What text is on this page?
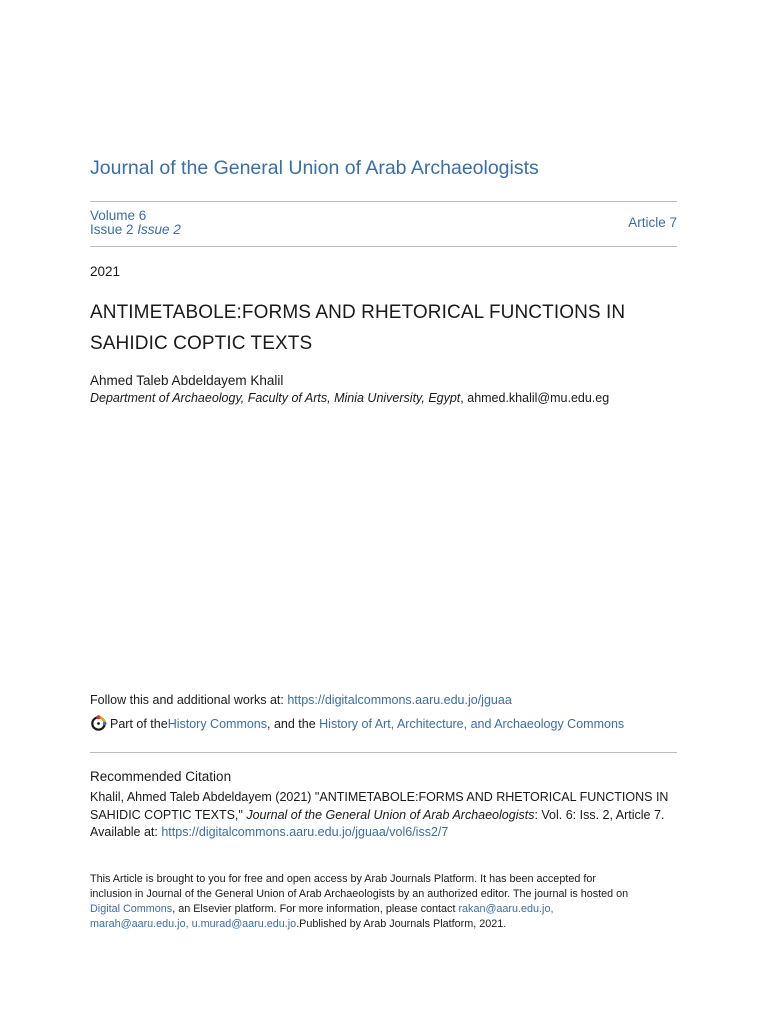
Journal of the General Union of Arab Archaeologists
Volume 6
Issue 2 Issue 2	Article 7
2021
ANTIMETABOLE:FORMS AND RHETORICAL FUNCTIONS IN
SAHIDIC COPTIC TEXTS
Ahmed Taleb Abdeldayem Khalil
Department of Archaeology, Faculty of Arts, Minia University, Egypt, ahmed.khalil@mu.edu.eg
Follow this and additional works at: https://digitalcommons.aaru.edu.jo/jguaa
Part of the History Commons , and the History of Art, Architecture, and Archaeology Commons
Recommended Citation
Khalil, Ahmed Taleb Abdeldayem (2021) "ANTIMETABOLE:FORMS AND RHETORICAL FUNCTIONS IN
SAHIDIC COPTIC TEXTS," Journal of the General Union of Arab Archaeologists: Vol. 6: Iss. 2, Article 7.
Available at: https://digitalcommons.aaru.edu.jo/jguaa/vol6/iss2/7
This Article is brought to you for free and open access by Arab Journals Platform. It has been accepted for
inclusion in Journal of the General Union of Arab Archaeologists by an authorized editor. The journal is hosted on
Digital Commons, an Elsevier platform. For more information, please contact rakan@aaru.edu.jo,
marah@aaru.edu.jo, u.murad@aaru.edu.jo.Published by Arab Journals Platform, 2021.
